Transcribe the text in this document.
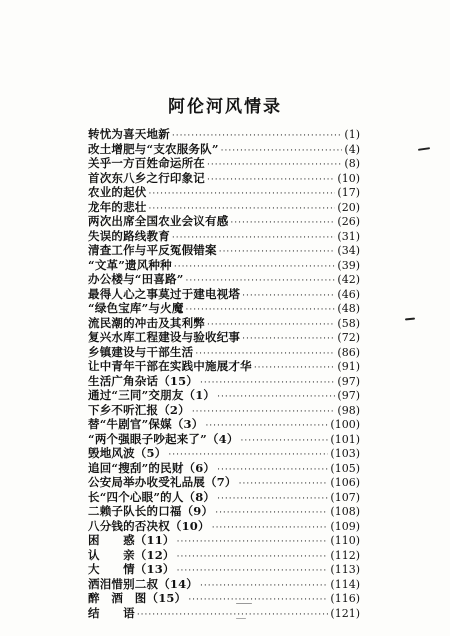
阿伦河风情录
转忧为喜天地新 ·····	(1)
改土增肥与“支农服务队” ·····	(4)
关乎一方百姓命运所在 ·····	(8)
首次东八乡之行印象记 ·····	(10)
农业的起伏 ·····	(17)
龙年的悲壮 ·····	(20)
两次出席全国农业会议有感 ·····	(26)
失误的路线教育 ·····	(31)
清查工作与平反冤假错案 ·····	(34)
“文革”遗风种种 ·····	(39)
办公楼与“田喜路” ·····	(42)
最得人心之事莫过于建电视塔 ·····	(46)
“绿色宝库”与火魔 ·····	(48)
流民潮的冲击及其利弊 ·····	(58)
复兴水库工程建设与验收纪事 ·····	(72)
乡镇建设与干部生活 ·····	(86)
让中青年干部在实践中施展才华 ·····	(91)
生活广角杂话（15） ·····	(97)
通过“三同”交朋友（1） ·····	(97)
下乡不听汇报（2） ·····	(98)
替“牛剧官”保媒（3） ·····	(100)
“两个强眼子吵起来了”（4） ·····	(101)
毁地风波（5） ·····	(103)
追回“搜刮”的民财（6） ·····	(105)
公安局举办收受礼品展（7） ·····	(106)
长“四个心眼”的人（8） ·····	(107)
二赖子队长的口福（9） ·····	(108)
八分钱的否决权（10） ·····	(109)
困　　惑（11） ·····	(110)
认　　亲（12） ·····	(112)
大　　情（13） ·····	(113)
洒泪惜别二叔（14） ·····	(114)
醉　酒　图（15） ·····	(116)
结　　语 ·····	(121)
